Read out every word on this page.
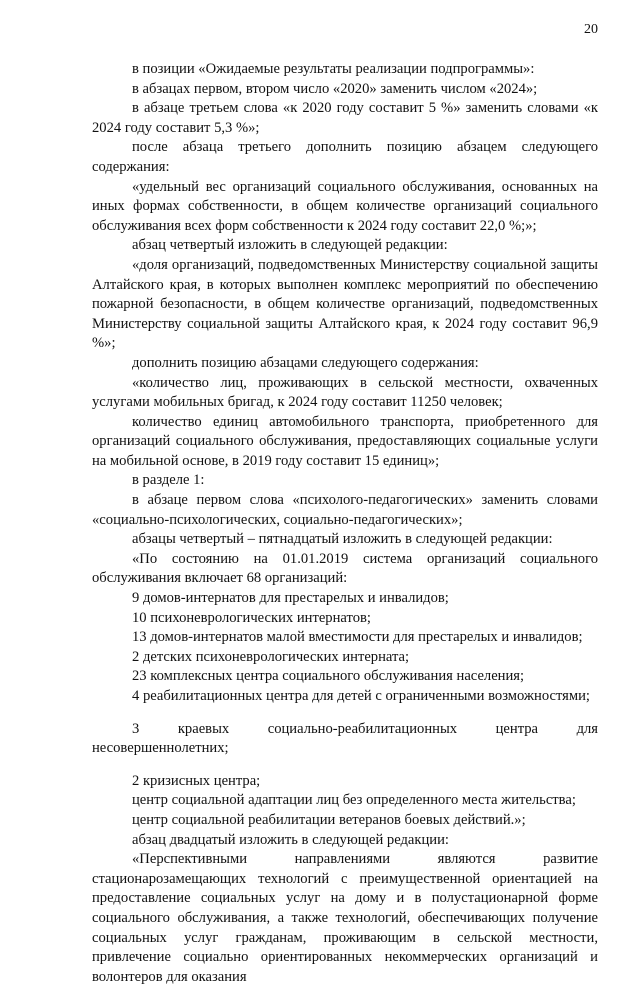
20

в позиции «Ожидаемые результаты реализации подпрограммы»:

в абзацах первом, втором число «2020» заменить числом «2024»;

в абзаце третьем слова «к 2020 году составит 5 %» заменить словами «к 2024 году составит 5,3 %»;

после абзаца третьего дополнить позицию абзацем следующего содержания:

«удельный вес организаций социального обслуживания, основанных на иных формах собственности, в общем количестве организаций социального обслуживания всех форм собственности к 2024 году составит 22,0 %;»;

абзац четвертый изложить в следующей редакции:

«доля организаций, подведомственных Министерству социальной защиты Алтайского края, в которых выполнен комплекс мероприятий по обеспечению пожарной безопасности, в общем количестве организаций, подведомственных Министерству социальной защиты Алтайского края, к 2024 году составит 96,9 %»;

дополнить позицию абзацами следующего содержания:

«количество лиц, проживающих в сельской местности, охваченных услугами мобильных бригад, к 2024 году составит 11250 человек;

количество единиц автомобильного транспорта, приобретенного для организаций социального обслуживания, предоставляющих социальные услуги на мобильной основе, в 2019 году составит 15 единиц»;

в разделе 1:

в абзаце первом слова «психолого-педагогических» заменить словами «социально-психологических, социально-педагогических»;

абзацы четвертый – пятнадцатый изложить в следующей редакции:

«По состоянию на 01.01.2019 система организаций социального обслуживания включает 68 организаций:

9 домов-интернатов для престарелых и инвалидов;

10 психоневрологических интернатов;

13 домов-интернатов малой вместимости для престарелых и инвалидов;

2 детских психоневрологических интерната;

23 комплексных центра социального обслуживания населения;

4 реабилитационных центра для детей с ограниченными возможностями;

3 краевых социально-реабилитационных центра для несовершеннолетних;

2 кризисных центра;

центр социальной адаптации лиц без определенного места жительства;

центр социальной реабилитации ветеранов боевых действий.»;

абзац двадцатый изложить в следующей редакции:

«Перспективными направлениями являются развитие стационарозамещающих технологий с преимущественной ориентацией на предоставление социальных услуг на дому и в полустационарной форме социального обслуживания, а также технологий, обеспечивающих получение социальных услуг гражданам, проживающим в сельской местности, привлечение социально ориентированных некоммерческих организаций и волонтеров для оказания
